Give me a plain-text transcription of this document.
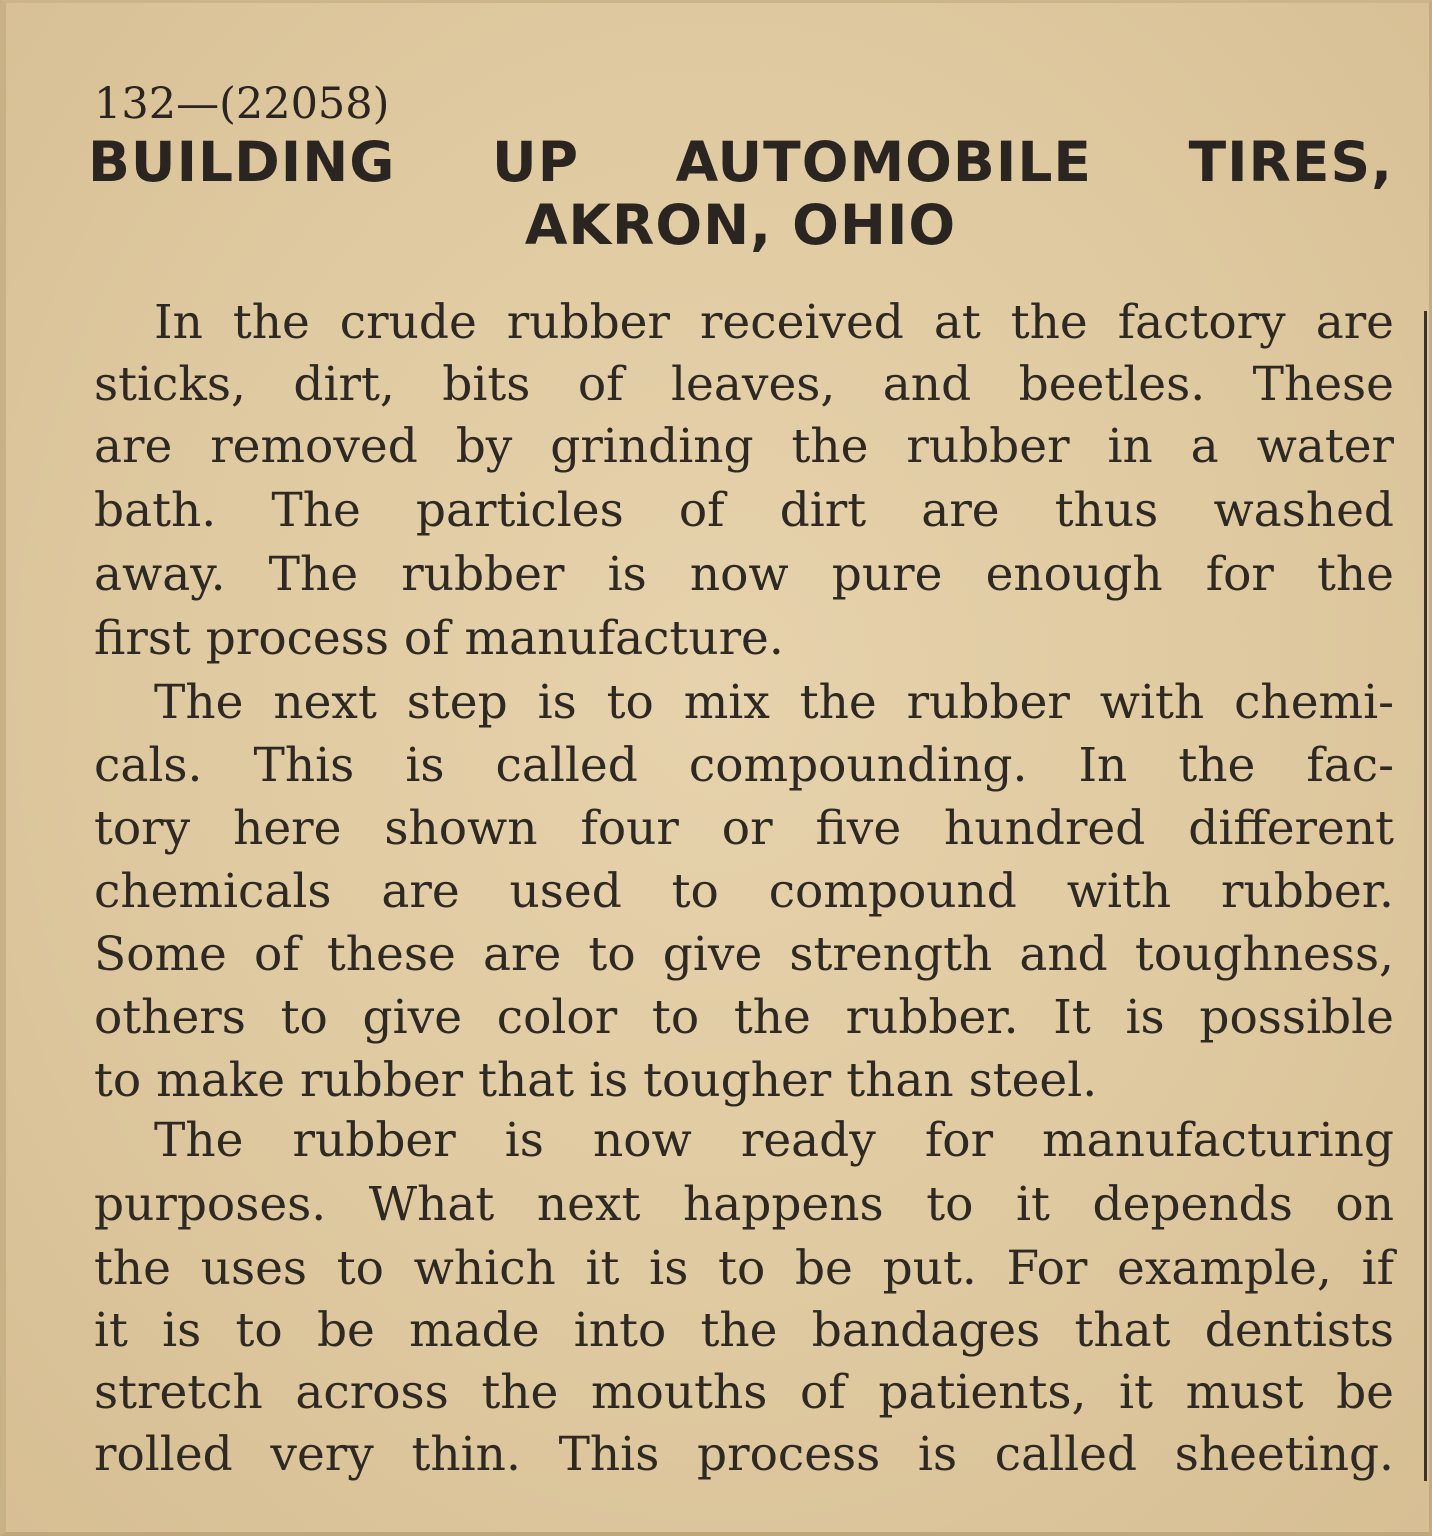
132—(22058)
BUILDING UP AUTOMOBILE TIRES,
AKRON, OHIO
In the crude rubber received at the factory are
sticks, dirt, bits of leaves, and beetles. These
are removed by grinding the rubber in a water
bath. The particles of dirt are thus washed
away. The rubber is now pure enough for the
first process of manufacture.
The next step is to mix the rubber with chemi-
cals. This is called compounding. In the fac-
tory here shown four or five hundred different
chemicals are used to compound with rubber.
Some of these are to give strength and toughness,
others to give color to the rubber. It is possible
to make rubber that is tougher than steel.
The rubber is now ready for manufacturing
purposes. What next happens to it depends on
the uses to which it is to be put. For example, if
it is to be made into the bandages that dentists
stretch across the mouths of patients, it must be
rolled very thin. This process is called sheeting.
